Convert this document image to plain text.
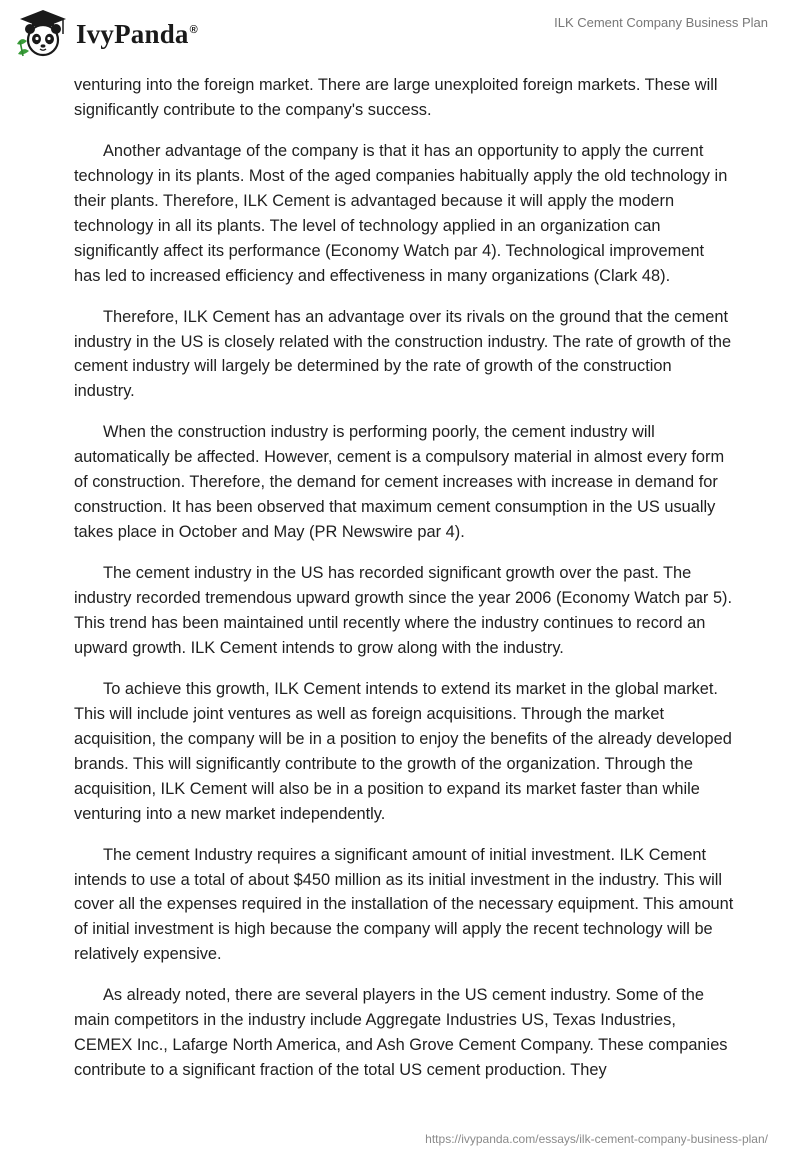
IvyPanda®	ILK Cement Company Business Plan

venturing into the foreign market. There are large unexploited foreign markets. These will significantly contribute to the company's success.

Another advantage of the company is that it has an opportunity to apply the current technology in its plants. Most of the aged companies habitually apply the old technology in their plants. Therefore, ILK Cement is advantaged because it will apply the modern technology in all its plants. The level of technology applied in an organization can significantly affect its performance (Economy Watch par 4). Technological improvement has led to increased efficiency and effectiveness in many organizations (Clark 48).

Therefore, ILK Cement has an advantage over its rivals on the ground that the cement industry in the US is closely related with the construction industry. The rate of growth of the cement industry will largely be determined by the rate of growth of the construction industry.

When the construction industry is performing poorly, the cement industry will automatically be affected. However, cement is a compulsory material in almost every form of construction. Therefore, the demand for cement increases with increase in demand for construction. It has been observed that maximum cement consumption in the US usually takes place in October and May (PR Newswire par 4).

The cement industry in the US has recorded significant growth over the past. The industry recorded tremendous upward growth since the year 2006 (Economy Watch par 5). This trend has been maintained until recently where the industry continues to record an upward growth. ILK Cement intends to grow along with the industry.

To achieve this growth, ILK Cement intends to extend its market in the global market. This will include joint ventures as well as foreign acquisitions. Through the market acquisition, the company will be in a position to enjoy the benefits of the already developed brands. This will significantly contribute to the growth of the organization. Through the acquisition, ILK Cement will also be in a position to expand its market faster than while venturing into a new market independently.

The cement Industry requires a significant amount of initial investment. ILK Cement intends to use a total of about $450 million as its initial investment in the industry. This will cover all the expenses required in the installation of the necessary equipment. This amount of initial investment is high because the company will apply the recent technology will be relatively expensive.

As already noted, there are several players in the US cement industry. Some of the main competitors in the industry include Aggregate Industries US, Texas Industries, CEMEX Inc., Lafarge North America, and Ash Grove Cement Company. These companies contribute to a significant fraction of the total US cement production. They

https://ivypanda.com/essays/ilk-cement-company-business-plan/
